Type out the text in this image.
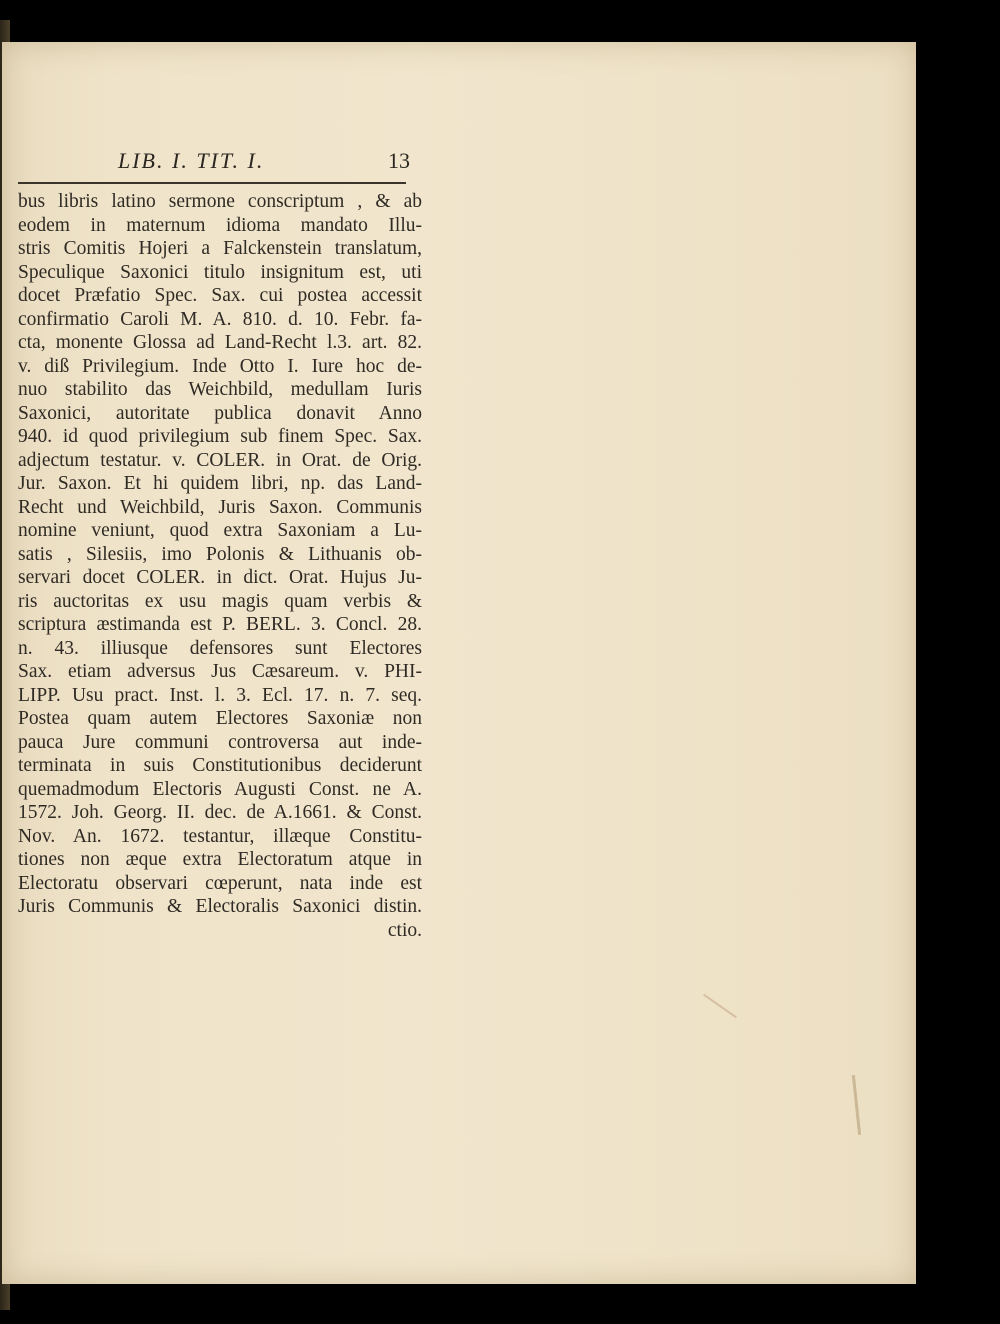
LIB. I. TIT. I.	13
bus libris latino sermone conscriptum , & ab
eodem in maternum idioma mandato Illu-
stris Comitis Hojeri a Falckenstein translatum,
Speculique Saxonici titulo insignitum est, uti
docet Præfatio Spec. Sax. cui postea accessit
confirmatio Caroli M. A. 810. d. 10. Febr. fa-
cta, monente Glossa ad Land-Recht l.3. art. 82.
v. diß Privilegium. Inde Otto I. Iure hoc de-
nuo stabilito das Weichbild, medullam Iuris
Saxonici, autoritate publica donavit Anno
940. id quod privilegium sub finem Spec. Sax.
adjectum testatur. v. COLER. in Orat. de Orig.
Jur. Saxon. Et hi quidem libri, np. das Land-
Recht und Weichbild, Juris Saxon. Communis
nomine veniunt, quod extra Saxoniam a Lu-
satis , Silesiis, imo Polonis & Lithuanis ob-
servari docet COLER. in dict. Orat. Hujus Ju-
ris auctoritas ex usu magis quam verbis &
scriptura æstimanda est P. BERL. 3. Concl. 28.
n. 43. illiusque defensores sunt Electores
Sax. etiam adversus Jus Cæsareum. v. PHI-
LIPP. Usu pract. Inst. l. 3. Ecl. 17. n. 7. seq.
Postea quam autem Electores Saxoniæ non
pauca Jure communi controversa aut inde-
terminata in suis Constitutionibus deciderunt
quemadmodum Electoris Augusti Const. ne A.
1572. Joh. Georg. II. dec. de A.1661. & Const.
Nov. An. 1672. testantur, illæque Constitu-
tiones non æque extra Electoratum atque in
Electoratu observari cœperunt, nata inde est
Juris Communis & Electoralis Saxonici distin.
ctio.
